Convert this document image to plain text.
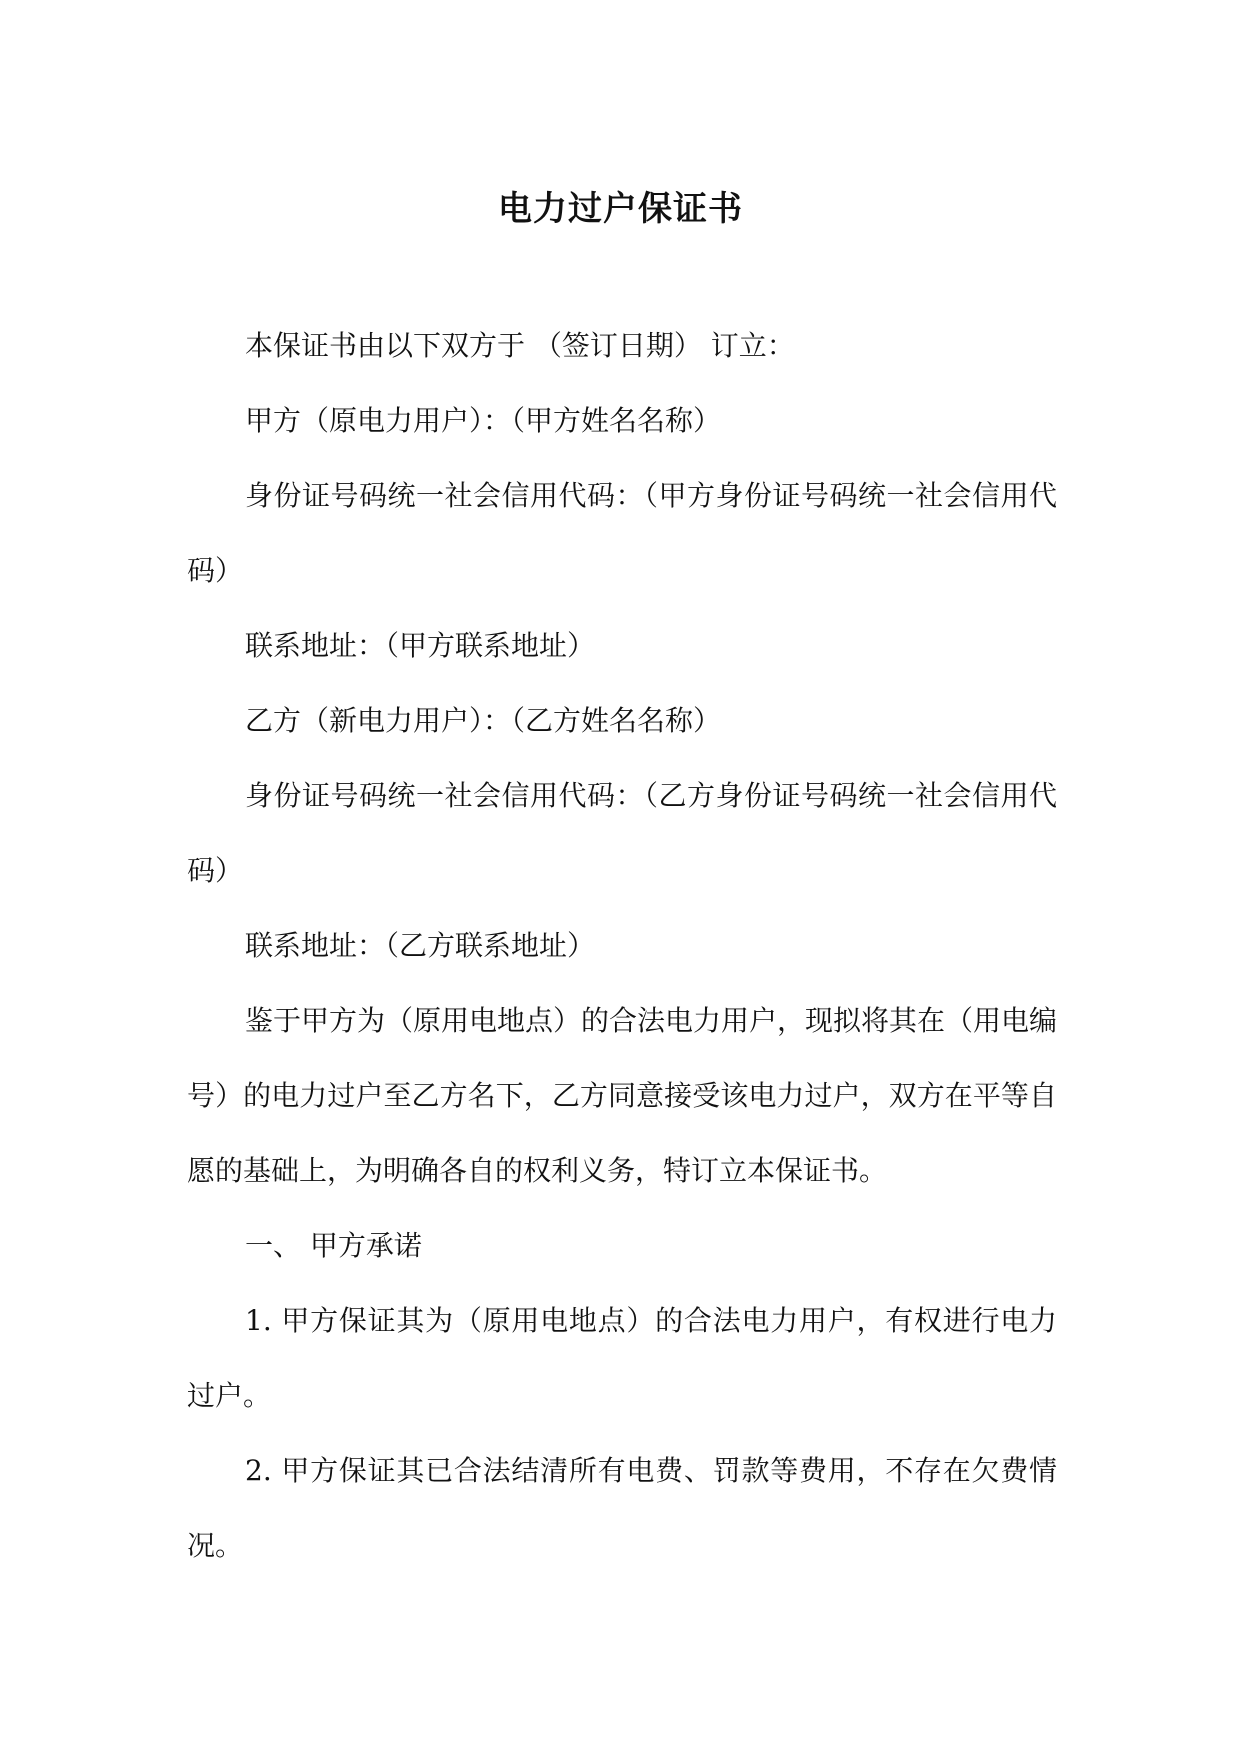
电力过户保证书

本保证书由以下双方于 （签订日期） 订立：

甲方（原电力用户）：（甲方姓名名称）

身份证号码统一社会信用代码：（甲方身份证号码统一社会信用代码）

联系地址：（甲方联系地址）

乙方（新电力用户）：（乙方姓名名称）

身份证号码统一社会信用代码：（乙方身份证号码统一社会信用代码）

联系地址：（乙方联系地址）

鉴于甲方为（原用电地点）的合法电力用户，现拟将其在（用电编号）的电力过户至乙方名下，乙方同意接受该电力过户，双方在平等自愿的基础上，为明确各自的权利义务，特订立本保证书。

一、 甲方承诺

1. 甲方保证其为（原用电地点）的合法电力用户，有权进行电力过户。

2. 甲方保证其已合法结清所有电费、罚款等费用，不存在欠费情况。
